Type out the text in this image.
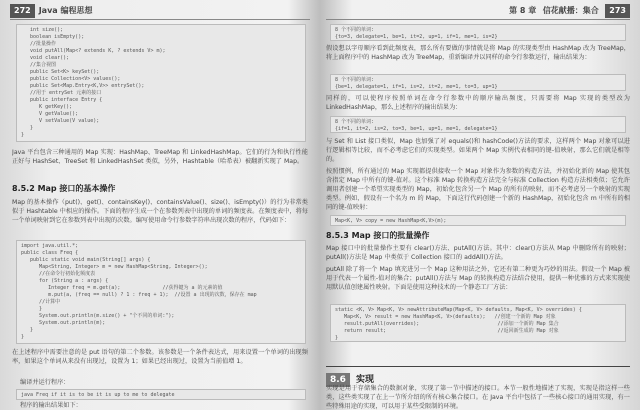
272 Java 编程思想
int size();
boolean isEmpty();
//批量操作
void putAll(Map<? extends K, ? extends V> m);
void clear();
//集合视图
public Set<K> keySet();
public Collection<V> values();
public Set<Map.Entry<K,V>> entrySet();
//用于 entrySet 元素的接口
public interface Entry {
K getKey();
V getValue();
V setValue(V value);
}
}
Java 平台包含三种通用的 Map 实现：HashMap、TreeMap 和 LinkedHashMap。它们的行为和执行性能正好与 HashSet、TreeSet 和 LinkedHashSet 类似，另外，Hashtable（哈希表）被翻新实现了 Map。
8.5.2 Map 接口的基本操作
Map 的基本操作（put()、get()、containsKey()、containsValue()、size()、isEmpty()）的行为非常类似于 Hashtable 中相应的操作。下面的程序生成一个在参数列表中出现的单词的频度表。在频度表中，将每一个单词映射到它在参数列表中出现的次数。编写使用命令行参数字符串出现次数的程序，代码如下：
import java.util.*;
public class Freq {
public static void main(String[] args) {
Map<String, Integer> m = new HashMap<String, Integer>();
//在命令行初始化频度表
for (String a : args) {
Integer freq = m.get(a);              //获得键为 a 的元素的值
m.put(a, (freq == null) ? 1 : freq + 1);  //设置 a 出现的次数，保存在 map
//计算中
}
System.out.println(m.size() + "个不同的单词:");
System.out.println(m);
}
}
在上述程序中需要注意的是 put 语句的第二个参数。该参数是一个条件表达式，用来设置一个单词的出现频率，如果这个单词从来没有出现过，设置为 1；如果已经出现过，设置为当前值增 1。
编译并运行程序：
java Freq if it is to be it is up to me to delegate
程序的输出结果如下：
第 8 章 信花献播：集合 273
8 个不同的单词:
{to=3, delegate=1, be=1, it=2, up=1, if=1, me=1, is=2}
假设想以字母顺序看到此频度表，那么所有要做的事情就是将 Map 的实现类型由 HashMap 改为 TreeMap，将上面程序中的 HashMap 改为 TreeMap，重新编译并以同样的命令行参数运行，输出结果为：
8 个不同的单词:
{be=1, delegate=1, if=1, is=2, it=2, me=1, to=3, up=1}
同样的，可以使程序按照单词在命令行参数中的顺序输出频度，只需要将 Map 实现的类型改为 LinkedHashMap，那么上述程序的输出结果为：
8 个不同的单词:
{if=1, it=2, is=2, to=3, be=1, up=1, me=1, delegate=1}
与 Set 和 List 接口类似，Map 也加强了对 equals()和 hashCode()方法的要求，这样两个 Map 对象可以进行逻辑相等比较，而不必考虑它们的实现类型。如果两个 Map 实例代表相同的键-值映射，那么它们就是相等的。
按照惯例，所有通过的 Map 实现都提供接收一个 Map 对象作为参数的构造方法，并初始化新的 Map 使其包含指定 Map 中所有的键-值对。这个标准 Map 转换构造方法完全与标准 Collection 构造方法相类似；它允许调用者创建一个希望实现类型的 Map，初始化包含另一个 Map 的所有的映射，而不必考虑另一个映射的实现类型。例如，假设有一个名为 m 的 Map，下面这行代码创建一个新的 HashMap，初始化包含 m 中所有的相同的键-值映射：
Map<K, V> copy = new HashMap<K,V>(m);
8.5.3 Map 接口的批量操作
Map 接口中的批量操作主要有 clear()方法、putAll()方法。其中：clear()方法从 Map 中删除所有的映射；putAll()方法是 Map 中类似于 Collection 接口的 addAll()方法。
putAll 除了将一个 Map 填充进另一个 Map 这种用法之外，它还有第二种更为巧妙的用法。假设一个 Map 被用于代表一个属性-值对的集合；putAll()方法与 Map 的转换构造方法结合使用，提供一种优雅的方式来实现使用默认值创建属性映射。下面是使用这种技术的一个静态工厂方法：
static <K, V> Map<K, V> newAttributeMap(Map<K, V> defaults, Map<K, V> overrides) {
Map<K, V> result = new HashMap<K, V>(defaults);   //创建一个新的 Map 对象
result.putAll(overrides);                          //添加一个新的 Map 集合
return result;                                     //返回新生成的 Map 对象
}
8.6 实现
实现是用于存储集合的数据对象，实现了第一节中描述的接口。本节一般性地描述了实现，实现是指这样一些类，这些类实现了在上一节所介绍的所有核心集合接口。在 Java 平台中包括了一些核心接口的通用实现，有一些特殊用途的实现，可以用于某些受限制的环境。
